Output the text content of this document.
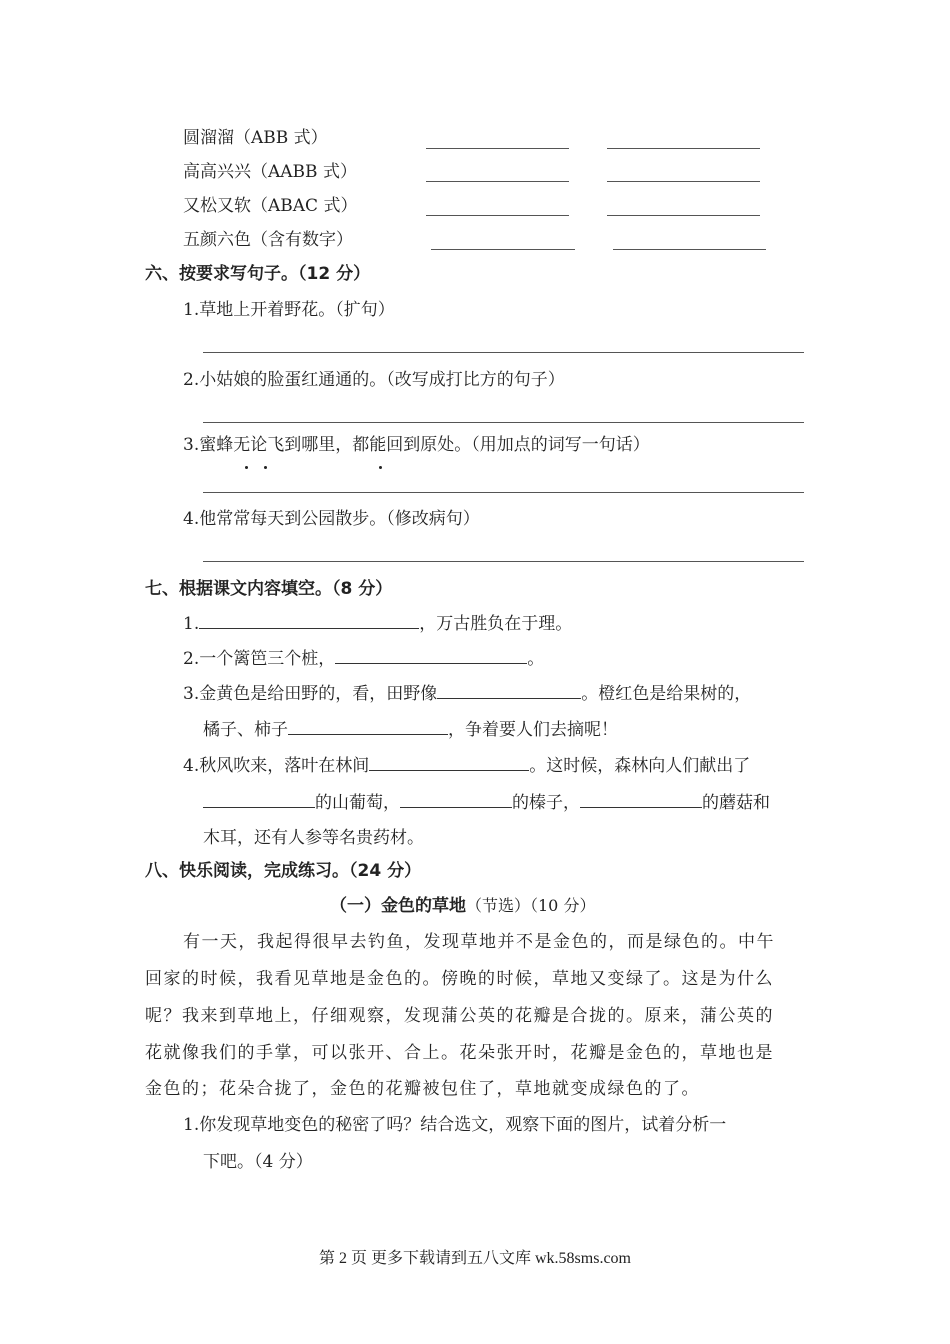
圆溜溜（ABB 式）
高高兴兴（AABB 式）
又松又软（ABAC 式）
五颜六色（含有数字）
六、按要求写句子。（12 分）
1.草地上开着野花。（扩句）
2.小姑娘的脸蛋红通通的。（改写成打比方的句子）
3.蜜蜂无论飞到哪里，都能回到原处。（用加点的词写一句话）
4.他常常每天到公园散步。（修改病句）
七、根据课文内容填空。（8 分）
1.	，万古胜负在于理。
2.一个篱笆三个桩，	。
3.金黄色是给田野的，看，田野像	。橙红色是给果树的，
橘子、柿子	，争着要人们去摘呢！
4.秋风吹来，落叶在林间	。这时候，森林向人们献出了
的山葡萄，	的榛子，	的蘑菇和
木耳，还有人参等名贵药材。
八、快乐阅读，完成练习。（24 分）
（一）金色的草地（节选）（10 分）
有一天，我起得很早去钓鱼，发现草地并不是金色的，而是绿色的。中午
回家的时候，我看见草地是金色的。傍晚的时候，草地又变绿了。这是为什么
呢？我来到草地上，仔细观察，发现蒲公英的花瓣是合拢的。原来，蒲公英的
花就像我们的手掌，可以张开、合上。花朵张开时，花瓣是金色的，草地也是
金色的；花朵合拢了，金色的花瓣被包住了，草地就变成绿色的了。
1.你发现草地变色的秘密了吗？结合选文，观察下面的图片，试着分析一
下吧。（4 分）
第 2 页 更多下载请到五八文库 wk.58sms.com
